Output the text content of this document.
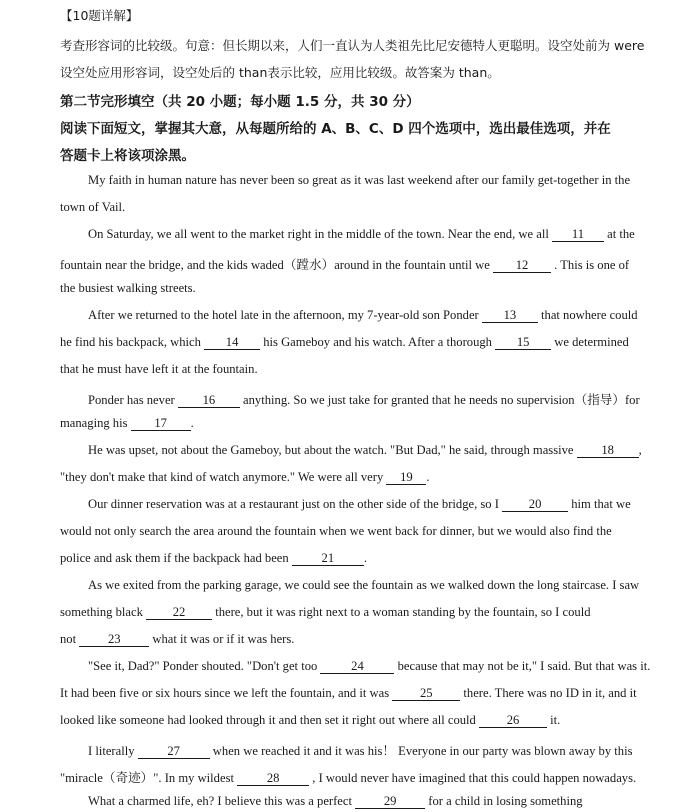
【10题详解】
考查形容词的比较级。句意：但长期以来，人们一直认为人类祖先比尼安德特人更聪明。设空处前为 were
设空处应用形容词，设空处后的 than表示比较，应用比较级。故答案为 than。
第二节完形填空（共 20 小题；每小题 1.5 分，共 30 分）
阅读下面短文，掌握其大意，从每题所给的 A、B、C、D 四个选项中，选出最佳选项，并在
答题卡上将该项涂黑。
My faith in human nature has never been so great as it was last weekend after our family get-together in the
town of Vail.
On Saturday, we all went to the market right in the middle of the town. Near the end, we all 11 at the
fountain near the bridge, and the kids waded（蹚水）around in the fountain until we 12 . This is one of
the busiest walking streets.
After we returned to the hotel late in the afternoon, my 7-year-old son Ponder 13 that nowhere could
he find his backpack, which 14 his Gameboy and his watch. After a thorough 15 we determined
that he must have left it at the fountain.
Ponder has never 16 anything. So we just take for granted that he needs no supervision（指导）for
managing his 17 .
He was upset, not about the Gameboy, but about the watch. "But Dad," he said, through massive 18 ,
"they don't make that kind of watch anymore." We were all very 19 .
Our dinner reservation was at a restaurant just on the other side of the bridge, so I 20 him that we
would not only search the area around the fountain when we went back for dinner, but we would also find the
police and ask them if the backpack had been 21 .
As we exited from the parking garage, we could see the fountain as we walked down the long staircase. I saw
something black 22 there, but it was right next to a woman standing by the fountain, so I could
not 23 what it was or if it was hers.
"See it, Dad?" Ponder shouted. "Don't get too 24 because that may not be it," I said. But that was it.
It had been five or six hours since we left the fountain, and it was 25 there. There was no ID in it, and it
looked like someone had looked through it and then set it right out where all could 26 it.
I literally 27 when we reached it and it was his！ Everyone in our party was blown away by this
"miracle（奇迹）". In my wildest 28 , I would never have imagined that this could happen nowadays.
What a charmed life, eh? I believe this was a perfect 29 for a child in losing something
